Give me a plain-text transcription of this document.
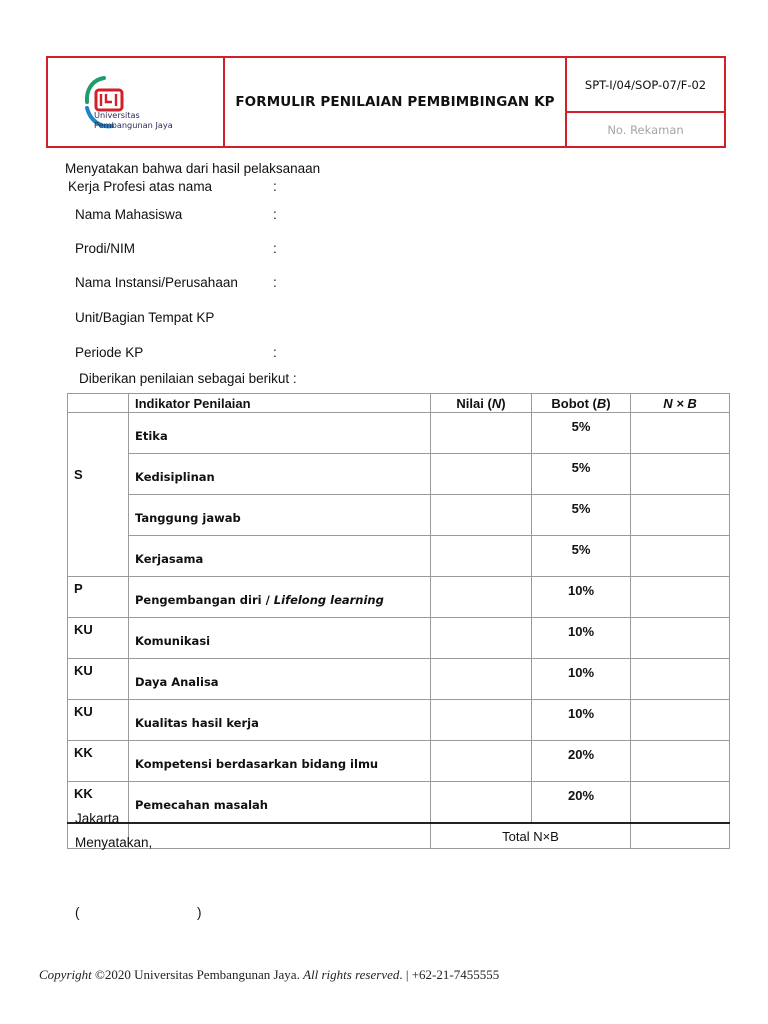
Universitas
Pembangunan Jaya
FORMULIR PENILAIAN PEMBIMBINGAN KP
SPT-I/04/SOP-07/F-02
No. Rekaman
Menyatakan bahwa dari hasil pelaksanaan
Kerja Profesi atas nama	:
Nama Mahasiswa	:
Prodi/NIM	:
Nama Instansi/Perusahaan	:
Unit/Bagian Tempat KP
Periode KP	:
Diberikan penilaian sebagai berikut :
	Indikator Penilaian	Nilai (N)	Bobot (B)	N × B
S	Etika		5%	
	Kedisiplinan		5%	
	Tanggung jawab		5%	
	Kerjasama		5%	
P	Pengembangan diri / Lifelong learning		10%	
KU	Komunikasi		10%	
KU	Daya Analisa		10%	
KU	Kualitas hasil kerja		10%	
KK	Kompetensi berdasarkan bidang ilmu		20%	
KK	Pemecahan masalah		20%	
		Total N×B		
Jakarta
Menyatakan,
(	)
Copyright ©2020 Universitas Pembangunan Jaya. All rights reserved. | +62-21-7455555
